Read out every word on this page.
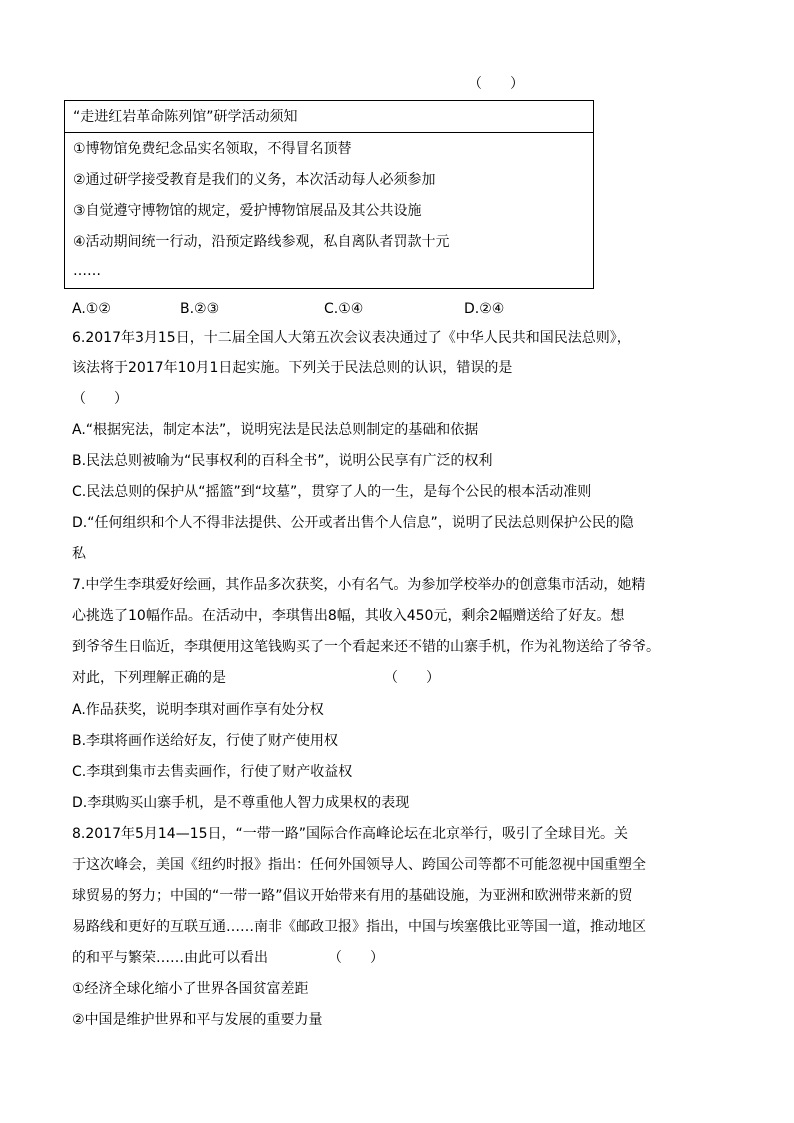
（　　）
“走进红岩革命陈列馆”研学活动须知
①博物馆免费纪念品实名领取，不得冒名顶替
②通过研学接受教育是我们的义务，本次活动每人必须参加
③自觉遵守博物馆的规定，爱护博物馆展品及其公共设施
④活动期间统一行动，沿预定路线参观，私自离队者罚款十元
……
A.①②	B.②③	C.①④	D.②④
6.2017年3月15日，十二届全国人大第五次会议表决通过了《中华人民共和国民法总则》，
该法将于2017年10月1日起实施。下列关于民法总则的认识，错误的是
（　　）
A.“根据宪法，制定本法”，说明宪法是民法总则制定的基础和依据
B.民法总则被喻为“民事权利的百科全书”，说明公民享有广泛的权利
C.民法总则的保护从“摇篮”到“坟墓”，贯穿了人的一生，是每个公民的根本活动准则
D.“任何组织和个人不得非法提供、公开或者出售个人信息”，说明了民法总则保护公民的隐
私
7.中学生李琪爱好绘画，其作品多次获奖，小有名气。为参加学校举办的创意集市活动，她精
心挑选了10幅作品。在活动中，李琪售出8幅，其收入450元，剩余2幅赠送给了好友。想
到爷爷生日临近，李琪便用这笔钱购买了一个看起来还不错的山寨手机，作为礼物送给了爷爷。
对此，下列理解正确的是	（　　）
A.作品获奖，说明李琪对画作享有处分权
B.李琪将画作送给好友，行使了财产使用权
C.李琪到集市去售卖画作，行使了财产收益权
D.李琪购买山寨手机，是不尊重他人智力成果权的表现
8.2017年5月14—15日，“一带一路”国际合作高峰论坛在北京举行，吸引了全球目光。关
于这次峰会，美国《纽约时报》指出：任何外国领导人、跨国公司等都不可能忽视中国重塑全
球贸易的努力；中国的“一带一路”倡议开始带来有用的基础设施，为亚洲和欧洲带来新的贸
易路线和更好的互联互通……南非《邮政卫报》指出，中国与埃塞俄比亚等国一道，推动地区
的和平与繁荣……由此可以看出	（　　）
①经济全球化缩小了世界各国贫富差距
②中国是维护世界和平与发展的重要力量
